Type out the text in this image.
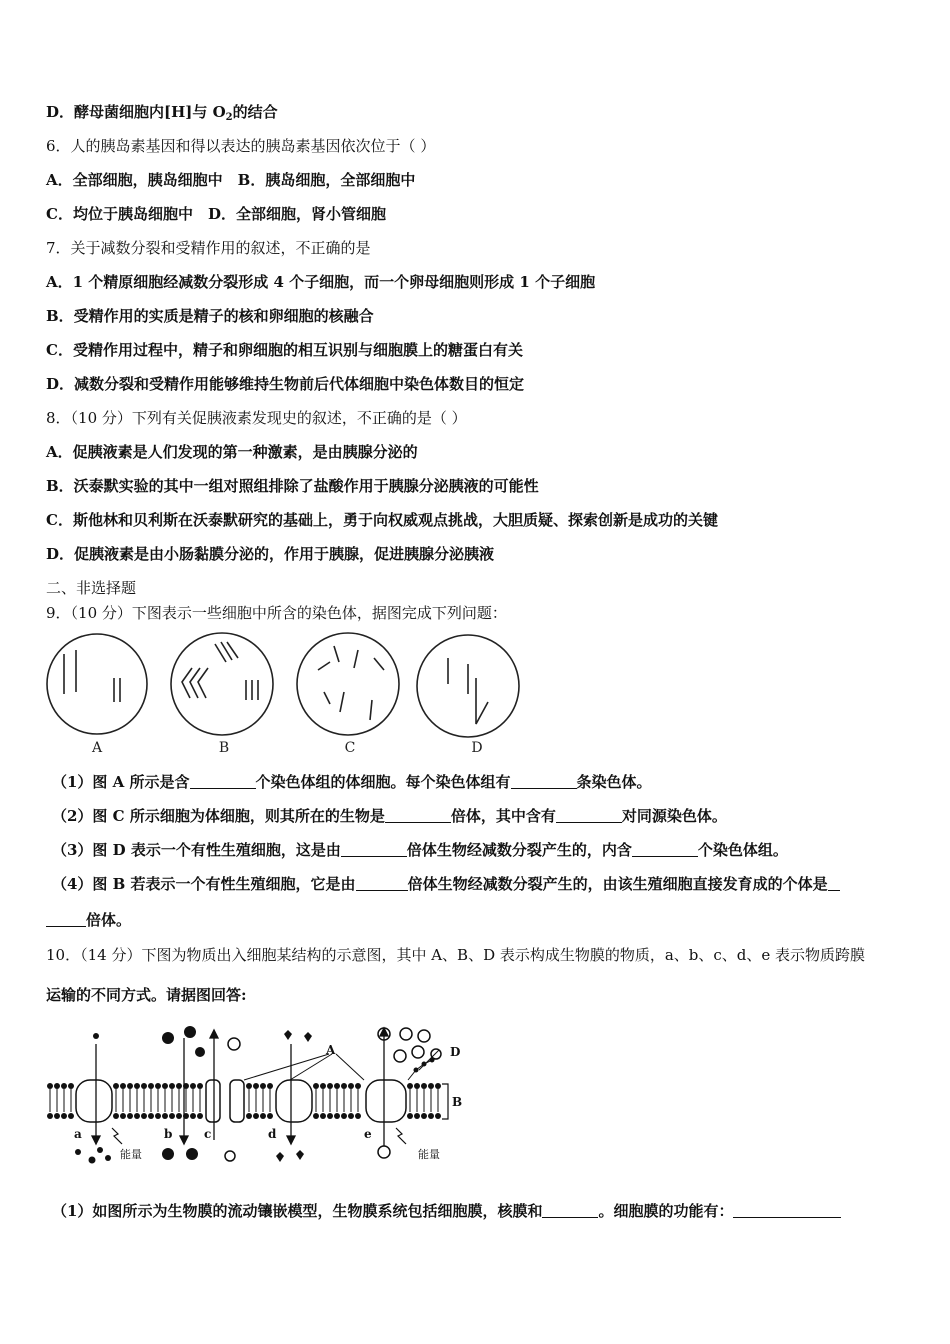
D．酵母菌细胞内[H]与 $O_2$的结合
6．人的胰岛素基因和得以表达的胰岛素基因依次位于（ ）
A．全部细胞，胰岛细胞中　B．胰岛细胞，全部细胞中
C．均位于胰岛细胞中　D．全部细胞，肾小管细胞
7．关于减数分裂和受精作用的叙述，不正确的是
A．1 个精原细胞经减数分裂形成 4 个子细胞，而一个卵母细胞则形成 1 个子细胞
B．受精作用的实质是精子的核和卵细胞的核融合
C．受精作用过程中，精子和卵细胞的相互识别与细胞膜上的糖蛋白有关
D．减数分裂和受精作用能够维持生物前后代体细胞中染色体数目的恒定
8．（10 分）下列有关促胰液素发现史的叙述，不正确的是（ ）
A．促胰液素是人们发现的第一种激素，是由胰腺分泌的
B．沃泰默实验的其中一组对照组排除了盐酸作用于胰腺分泌胰液的可能性
C．斯他林和贝利斯在沃泰默研究的基础上，勇于向权威观点挑战，大胆质疑、探索创新是成功的关键
D．促胰液素是由小肠黏膜分泌的，作用于胰腺，促进胰腺分泌胰液
二、非选择题
9．（10 分）下图表示一些细胞中所含的染色体，据图完成下列问题：
A	B	C	D
（1）图 A 所示是含	个染色体组的体细胞。每个染色体组有	条染色体。
（2）图 C 所示细胞为体细胞，则其所在的生物是	倍体，其中含有	对同源染色体。
（3）图 D 表示一个有性生殖细胞，这是由	倍体生物经减数分裂产生的，内含	个染色体组。
（4）图 B 若表示一个有性生殖细胞，它是由	倍体生物经减数分裂产生的，由该生殖细胞直接发育成的个体是
倍体。
10．（14 分）下图为物质出入细胞某结构的示意图，其中 A、B、D 表示构成生物膜的物质，a、b、c、d、e 表示物质跨膜
运输的不同方式。请据图回答:
A	D
B
a	b	c	d	e
能量	能量
（1）如图所示为生物膜的流动镶嵌模型，生物膜系统包括细胞膜，核膜和	。细胞膜的功能有：
